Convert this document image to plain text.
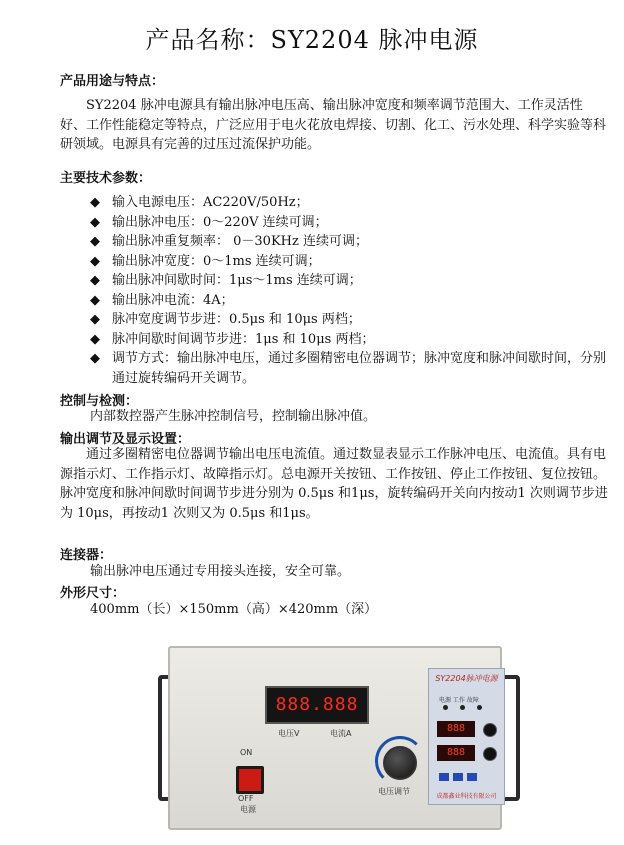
产品名称：SY2204 脉冲电源
产品用途与特点：

SY2204 脉冲电源具有输出脉冲电压高、输出脉冲宽度和频率调节范围大、工作灵活性好、工作性能稳定等特点，广泛应用于电火花放电焊接、切割、化工、污水处理、科学实验等科研领域。电源具有完善的过压过流保护功能。

主要技术参数：
◆ 输入电源电压：AC220V/50Hz；
◆ 输出脉冲电压：0～220V 连续可调；
◆ 输出脉冲重复频率： 0－30KHz 连续可调；
◆ 输出脉冲宽度：0～1ms 连续可调；
◆ 输出脉冲间歇时间：1μs～1ms 连续可调；
◆ 输出脉冲电流：4A；
◆ 脉冲宽度调节步进：0.5μs 和 10μs 两档；
◆ 脉冲间歇时间调节步进：1μs 和 10μs 两档；
◆ 调节方式：输出脉冲电压，通过多圈精密电位器调节；脉冲宽度和脉冲间歇时间，分别通过旋转编码开关调节。
控制与检测：
内部数控器产生脉冲控制信号，控制输出脉冲值。
输出调节及显示设置：

通过多圈精密电位器调节输出电压电流值。通过数显表显示工作脉冲电压、电流值。具有电源指示灯、工作指示灯、故障指示灯。总电源开关按钮、工作按钮、停止工作按钮、复位按钮。脉冲宽度和脉冲间歇时间调节步进分别为 0.5μs 和1μs，旋转编码开关向内按动1 次则调节步进为 10μs，再按动1 次则又为 0.5μs 和1μs。

连接器：
输出脉冲电压通过专用接头连接，安全可靠。
外形尺寸：
400mm（长）×150mm（高）×420mm（深）
888.888
电压V	电流A
电压调节
ON
OFF
电源
SY2204脉冲电源
电源 工作 故障
888
888
成都鑫业科技有限公司
